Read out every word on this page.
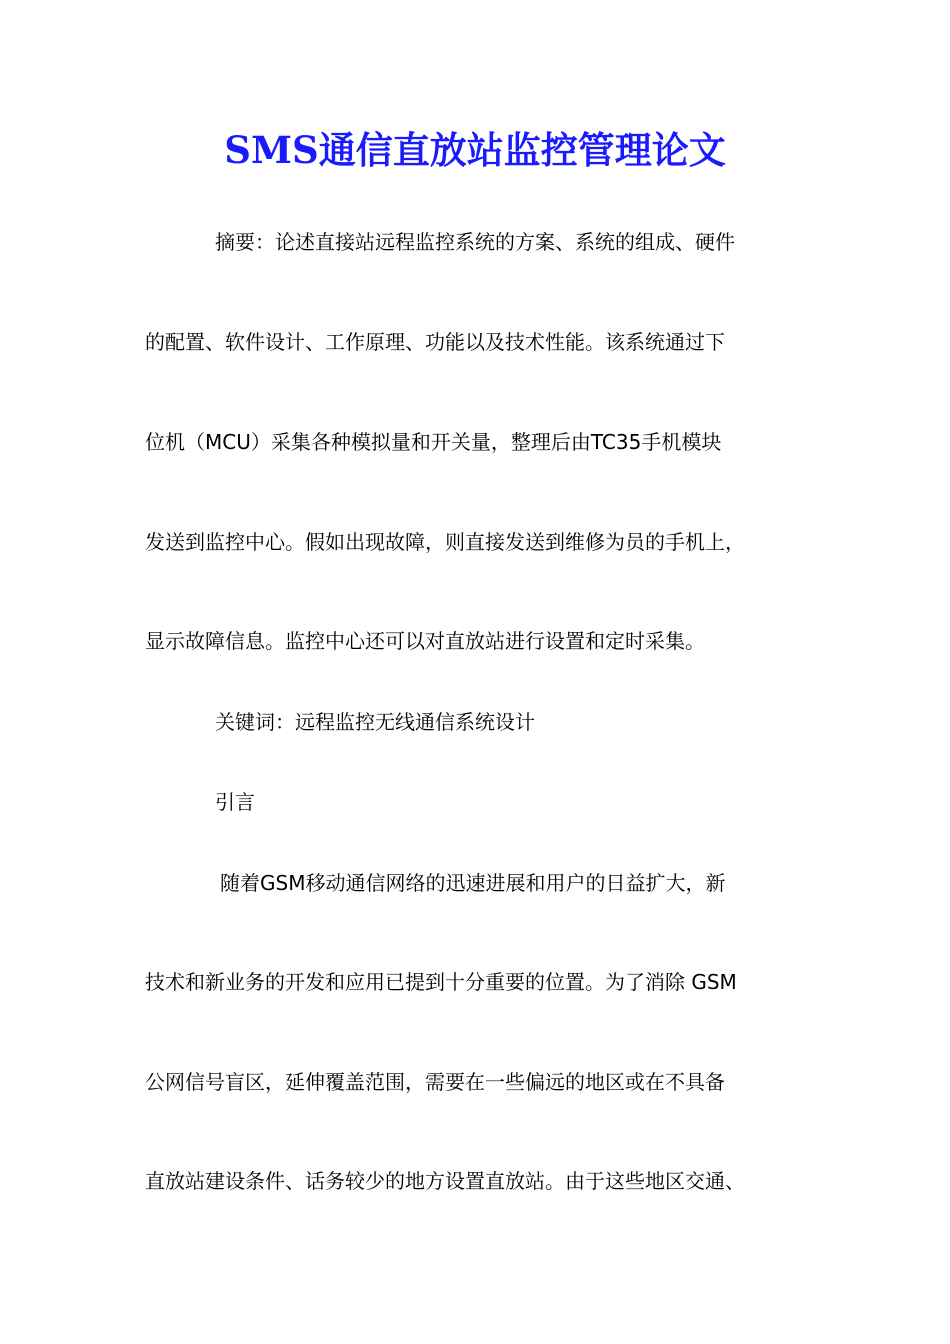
SMS通信直放站监控管理论文
摘要：论述直接站远程监控系统的方案、系统的组成、硬件
的配置、软件设计、工作原理、功能以及技术性能。该系统通过下
位机（MCU）采集各种模拟量和开关量，整理后由TC35手机模块
发送到监控中心。假如出现故障，则直接发送到维修为员的手机上，
显示故障信息。监控中心还可以对直放站进行设置和定时采集。
关键词：远程监控无线通信系统设计
引言
随着GSM移动通信网络的迅速进展和用户的日益扩大，新
技术和新业务的开发和应用已提到十分重要的位置。为了消除 GSM
公网信号盲区，延伸覆盖范围，需要在一些偏远的地区或在不具备
直放站建设条件、话务较少的地方设置直放站。由于这些地区交通、
